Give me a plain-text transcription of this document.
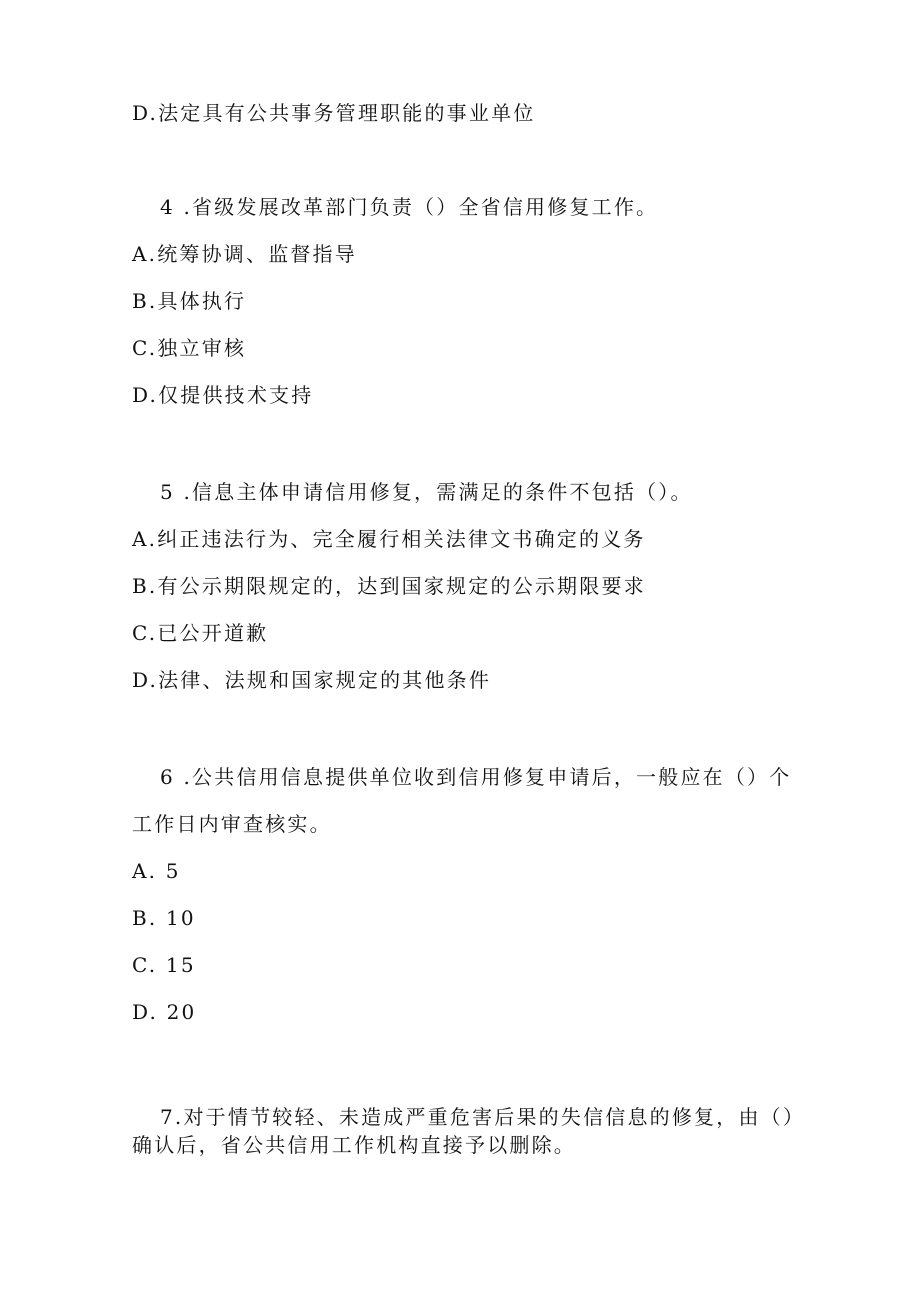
D.法定具有公共事务管理职能的事业单位
4 .省级发展改革部门负责（）全省信用修复工作。
A.统筹协调、监督指导
B.具体执行
C.独立审核
D.仅提供技术支持
5 .信息主体申请信用修复，需满足的条件不包括（）。
A.纠正违法行为、完全履行相关法律文书确定的义务
B.有公示期限规定的，达到国家规定的公示期限要求
C.已公开道歉
D.法律、法规和国家规定的其他条件
6 .公共信用信息提供单位收到信用修复申请后，一般应在（）个
工作日内审查核实。
A. 5
B. 10
C. 15
D. 20
7.对于情节较轻、未造成严重危害后果的失信信息的修复，由（）
确认后，省公共信用工作机构直接予以删除。
